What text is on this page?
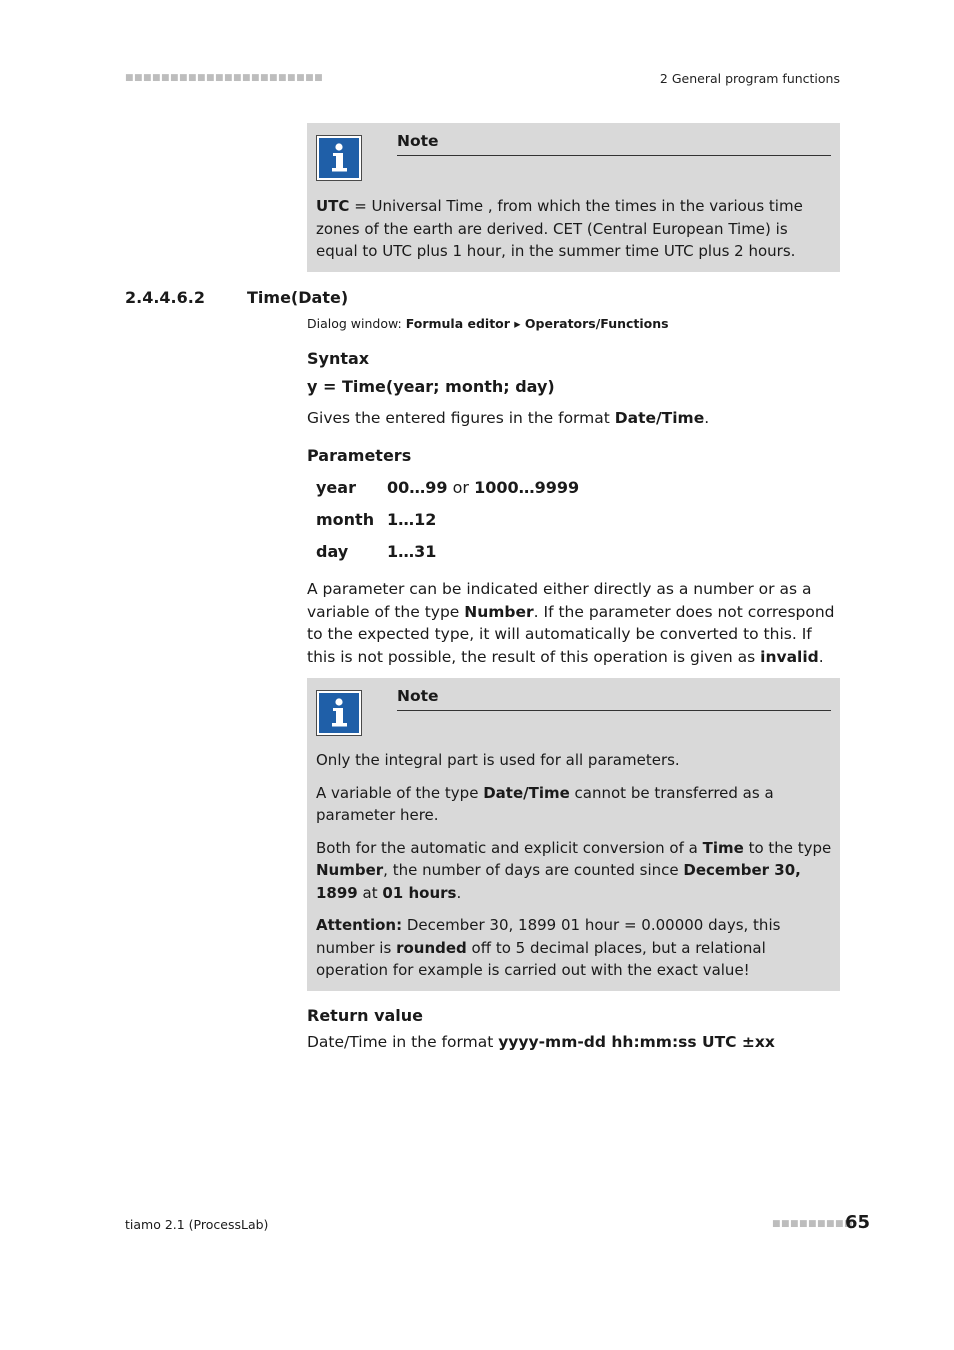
■■■■■■■■■■■■■■■■■■■■■■	2 General program functions
Note

UTC = Universal Time , from which the times in the various time zones of the earth are derived. CET (Central European Time) is equal to UTC plus 1 hour, in the summer time UTC plus 2 hours.

2.4.4.6.2	Time(Date)
Dialog window: Formula editor ▸ Operators/Functions
Syntax
y = Time(year; month; day)
Gives the entered figures in the format Date/Time.
Parameters
year 00…99 or 1000…9999
month 1…12
day 1…31
A parameter can be indicated either directly as a number or as a variable of the type Number. If the parameter does not correspond to the expected type, it will automatically be converted to this. If this is not possible, the result of this operation is given as invalid.
Note

Only the integral part is used for all parameters.

A variable of the type Date/Time cannot be transferred as a parameter here.

Both for the automatic and explicit conversion of a Time to the type Number, the number of days are counted since December 30, 1899 at 01 hours.

Attention: December 30, 1899 01 hour = 0.00000 days, this number is rounded off to 5 decimal places, but a relational operation for example is carried out with the exact value!

Return value
Date/Time in the format yyyy-mm-dd hh:mm:ss UTC ±xx
tiamo 2.1 (ProcessLab)	■■■■■■■■■
65
